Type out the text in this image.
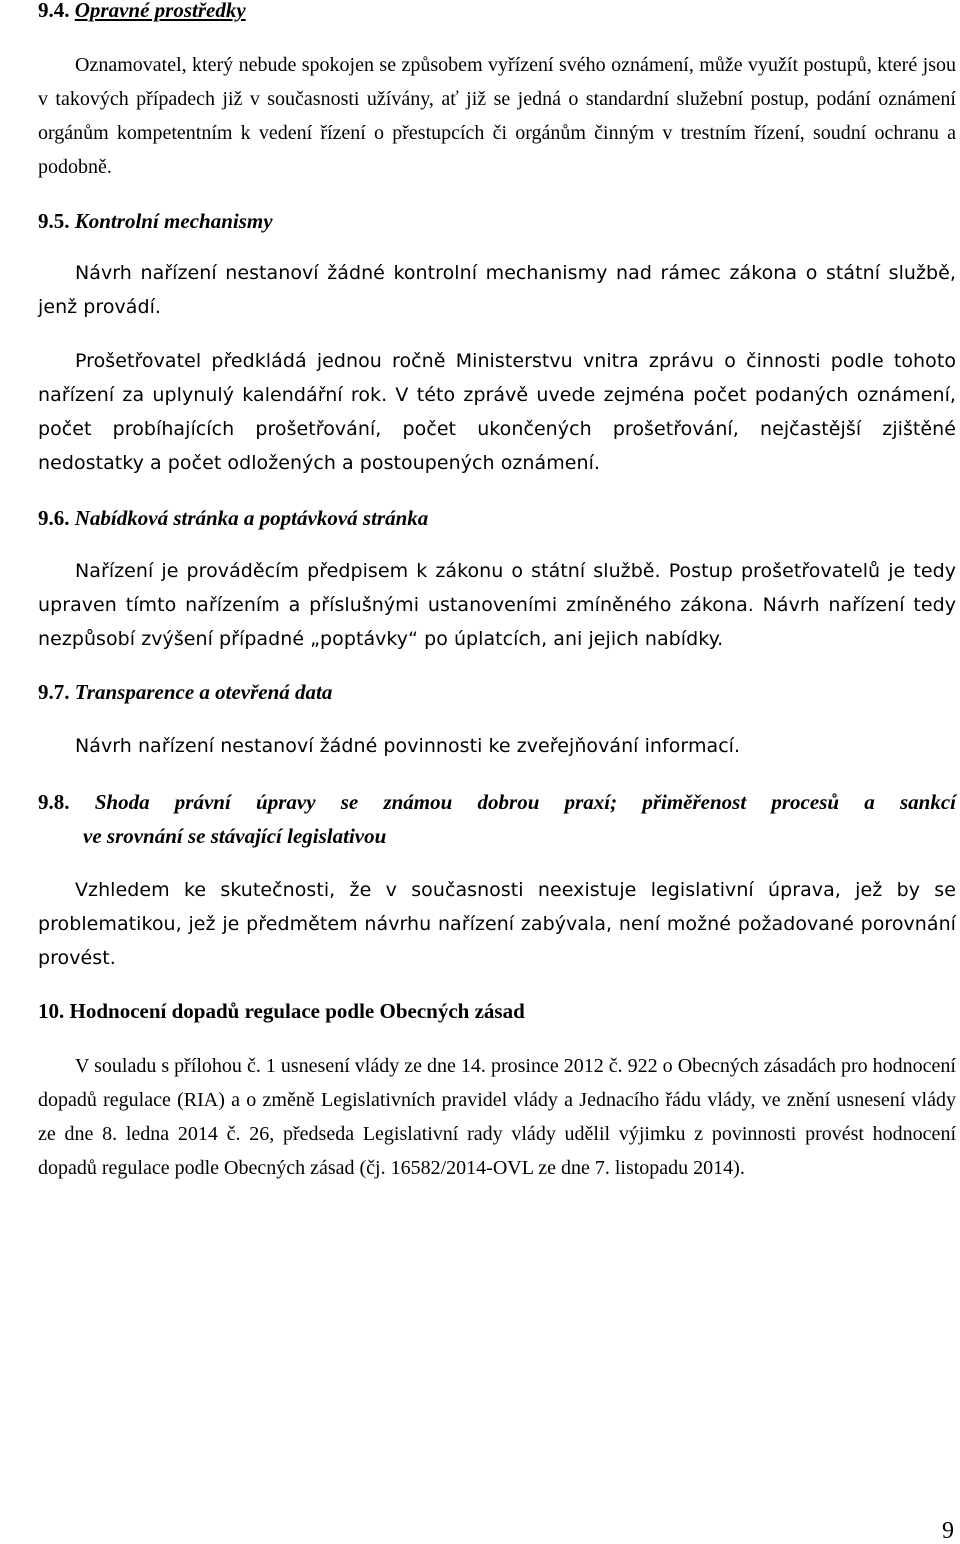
9.4. Opravné prostředky

Oznamovatel, který nebude spokojen se způsobem vyřízení svého oznámení, může využít postupů, které jsou v takových případech již v současnosti užívány, ať již se jedná o standardní služební postup, podání oznámení orgánům kompetentním k vedení řízení o přestupcích či orgánům činným v trestním řízení, soudní ochranu a podobně.

9.5. Kontrolní mechanismy

Návrh nařízení nestanoví žádné kontrolní mechanismy nad rámec zákona o státní službě, jenž provádí.

Prošetřovatel předkládá jednou ročně Ministerstvu vnitra zprávu o činnosti podle tohoto nařízení za uplynulý kalendářní rok. V této zprávě uvede zejména počet podaných oznámení, počet probíhajících prošetřování, počet ukončených prošetřování, nejčastější zjištěné nedostatky a počet odložených a postoupených oznámení.

9.6. Nabídková stránka a poptávková stránka

Nařízení je prováděcím předpisem k zákonu o státní službě. Postup prošetřovatelů je tedy upraven tímto nařízením a příslušnými ustanoveními zmíněného zákona. Návrh nařízení tedy nezpůsobí zvýšení případné „poptávky“ po úplatcích, ani jejich nabídky.

9.7. Transparence a otevřená data

Návrh nařízení nestanoví žádné povinnosti ke zveřejňování informací.

9.8. Shoda právní úpravy se známou dobrou praxí; přiměřenost procesů a sankcí
ve srovnání se stávající legislativou

Vzhledem ke skutečnosti, že v současnosti neexistuje legislativní úprava, jež by se problematikou, jež je předmětem návrhu nařízení zabývala, není možné požadované porovnání provést.

10. Hodnocení dopadů regulace podle Obecných zásad

V souladu s přílohou č. 1 usnesení vlády ze dne 14. prosince 2012 č. 922 o Obecných zásadách pro hodnocení dopadů regulace (RIA) a o změně Legislativních pravidel vlády a Jednacího řádu vlády, ve znění usnesení vlády ze dne 8. ledna 2014 č. 26, předseda Legislativní rady vlády udělil výjimku z povinnosti provést hodnocení dopadů regulace podle Obecných zásad (čj. 16582/2014-OVL ze dne 7. listopadu 2014).

9
